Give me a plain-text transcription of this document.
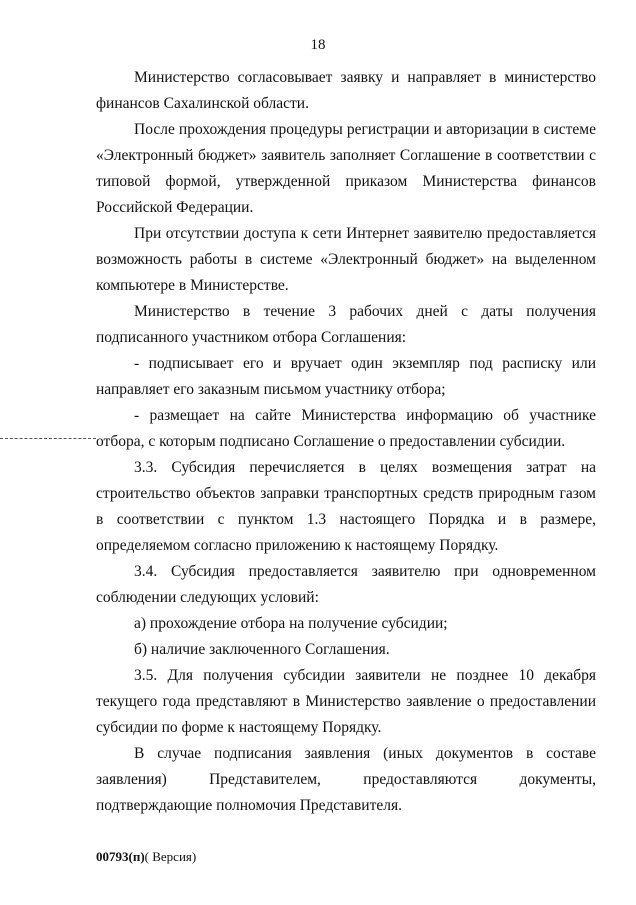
18

Министерство согласовывает заявку и направляет в министерство финансов Сахалинской области.

После прохождения процедуры регистрации и авторизации в системе «Электронный бюджет» заявитель заполняет Соглашение в соответствии с типовой формой, утвержденной приказом Министерства финансов Российской Федерации.

При отсутствии доступа к сети Интернет заявителю предоставляется возможность работы в системе «Электронный бюджет» на выделенном компьютере в Министерстве.

Министерство в течение 3 рабочих дней с даты получения подписанного участником отбора Соглашения:

- подписывает его и вручает один экземпляр под расписку или направляет его заказным письмом участнику отбора;

- размещает на сайте Министерства информацию об участнике отбора, с которым подписано Соглашение о предоставлении субсидии.

3.3. Субсидия перечисляется в целях возмещения затрат на строительство объектов заправки транспортных средств природным газом в соответствии с пунктом 1.3 настоящего Порядка и в размере, определяемом согласно приложению к настоящему Порядку.

3.4. Субсидия предоставляется заявителю при одновременном соблюдении следующих условий:

а) прохождение отбора на получение субсидии;

б) наличие заключенного Соглашения.

3.5. Для получения субсидии заявители не позднее 10 декабря текущего года представляют в Министерство заявление о предоставлении субсидии по форме к настоящему Порядку.

В случае подписания заявления (иных документов в составе заявления) Представителем, предоставляются документы, подтверждающие полномочия Представителя.

00793(п)( Версия)
